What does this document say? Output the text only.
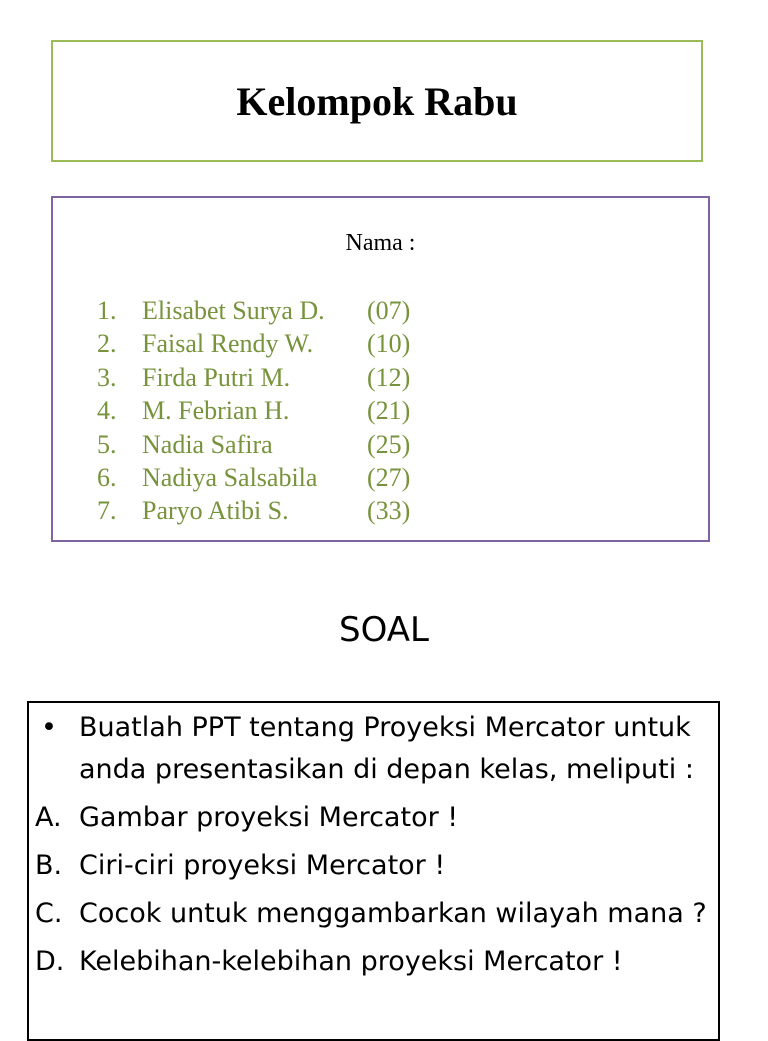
Kelompok Rabu
Nama :
1. Elisabet Surya D.	(07)
2. Faisal Rendy W.	(10)
3. Firda Putri M.	(12)
4. M. Febrian H.	(21)
5. Nadia Safira	(25)
6. Nadiya Salsabila	(27)
7. Paryo Atibi S.	(33)
SOAL
• Buatlah PPT tentang Proyeksi Mercator untuk anda presentasikan di depan kelas, meliputi :
A. Gambar proyeksi Mercator !
B. Ciri-ciri proyeksi Mercator !
C. Cocok untuk menggambarkan wilayah mana ?
D. Kelebihan-kelebihan proyeksi Mercator !
